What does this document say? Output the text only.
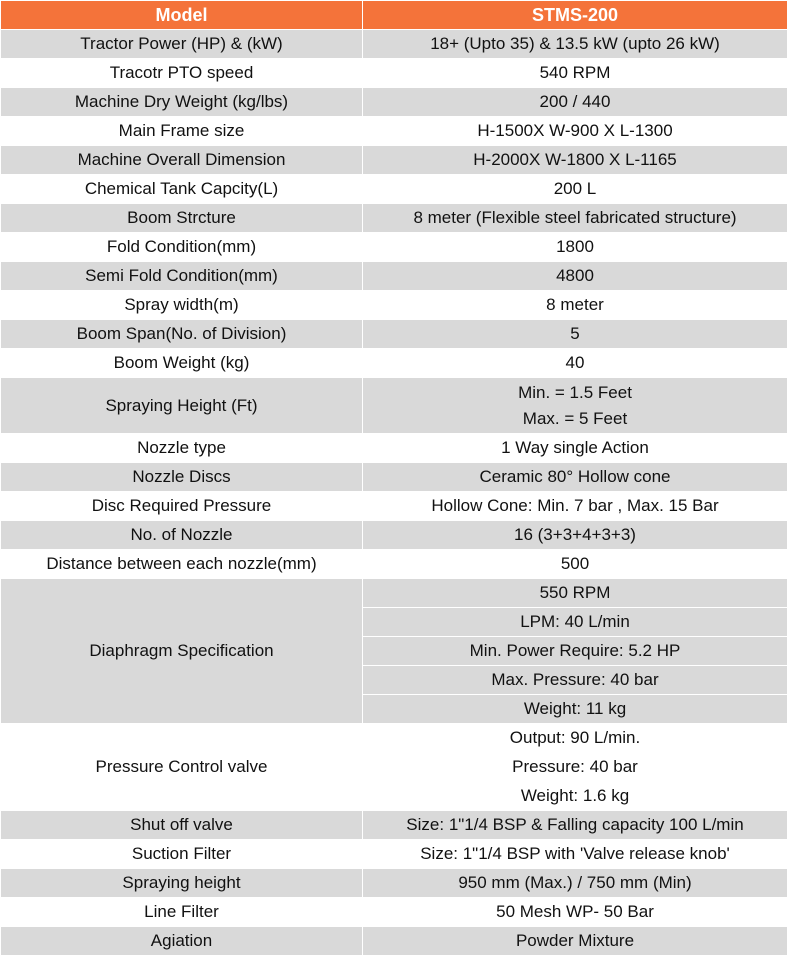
Model	STMS-200
Tractor Power (HP) & (kW)	18+ (Upto 35) & 13.5 kW (upto 26 kW)
Tracotr PTO speed	540 RPM
Machine Dry Weight (kg/lbs)	200 / 440
Main Frame size	H-1500X W-900 X L-1300
Machine Overall Dimension	H-2000X W-1800 X L-1165
Chemical Tank Capcity(L)	200 L
Boom Strcture	8 meter (Flexible steel fabricated structure)
Fold Condition(mm)	1800
Semi Fold Condition(mm)	4800
Spray width(m)	8 meter
Boom Span(No. of Division)	5
Boom Weight (kg)	40
Spraying Height (Ft)	Min. = 1.5 Feet
Max. = 5 Feet

Nozzle type	1 Way single Action
Nozzle Discs	Ceramic 80° Hollow cone
Disc Required Pressure	Hollow Cone: Min. 7 bar , Max. 15 Bar
No. of Nozzle	16 (3+3+4+3+3)
Distance between each nozzle(mm)	500
Diaphragm Specification	550 RPM
	LPM: 40 L/min
	Min. Power Require: 5.2 HP
	Max. Pressure: 40 bar
	Weight: 11 kg
Pressure Control valve	Output: 90 L/min.
	Pressure: 40 bar
	Weight: 1.6 kg
Shut off valve	Size: 1"1/4 BSP & Falling capacity 100 L/min
Suction Filter	Size: 1"1/4 BSP with 'Valve release knob'
Spraying height	950 mm (Max.) / 750 mm (Min)
Line Filter	50 Mesh WP- 50 Bar
Agiation	Powder Mixture
